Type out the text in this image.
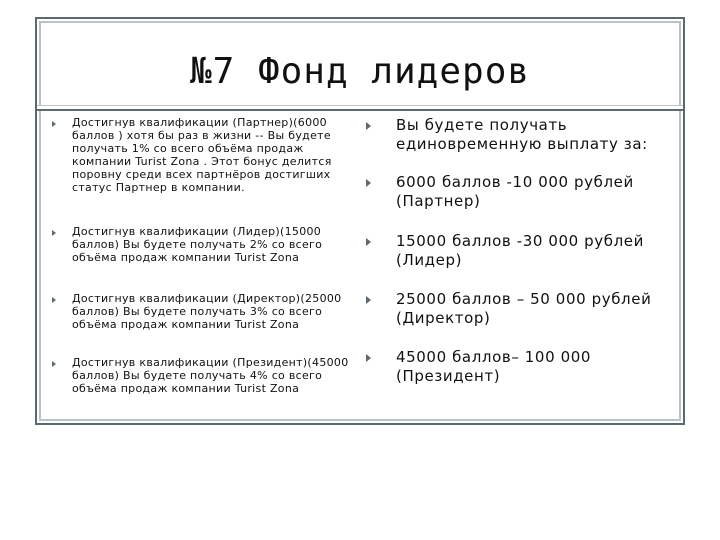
№7 Фонд лидеров
Достигнув квалификации (Партнер)(6000
баллов ) хотя бы раз в жизни -- Вы будете
получать 1% со всего объёма продаж
компании Turist Zona . Этот бонус делится
поровну среди всех партнёров достигших
статус Партнер в компании.
Достигнув квалификации (Лидер)(15000
баллов) Вы будете получать 2% со всего
объёма продаж компании Turist Zona
Достигнув квалификации (Директор)(25000
баллов) Вы будете получать 3% со всего
объёма продаж компании Turist Zona
Достигнув квалификации (Президент)(45000
баллов) Вы будете получать 4% со всего
объёма продаж компании Turist Zona
Вы будете получать
единовременную выплату за:
6000 баллов -10 000 рублей
(Партнер)
15000 баллов -30 000 рублей
(Лидер)
25000 баллов – 50 000 рублей
(Директор)
45000 баллов– 100 000
(Президент)
